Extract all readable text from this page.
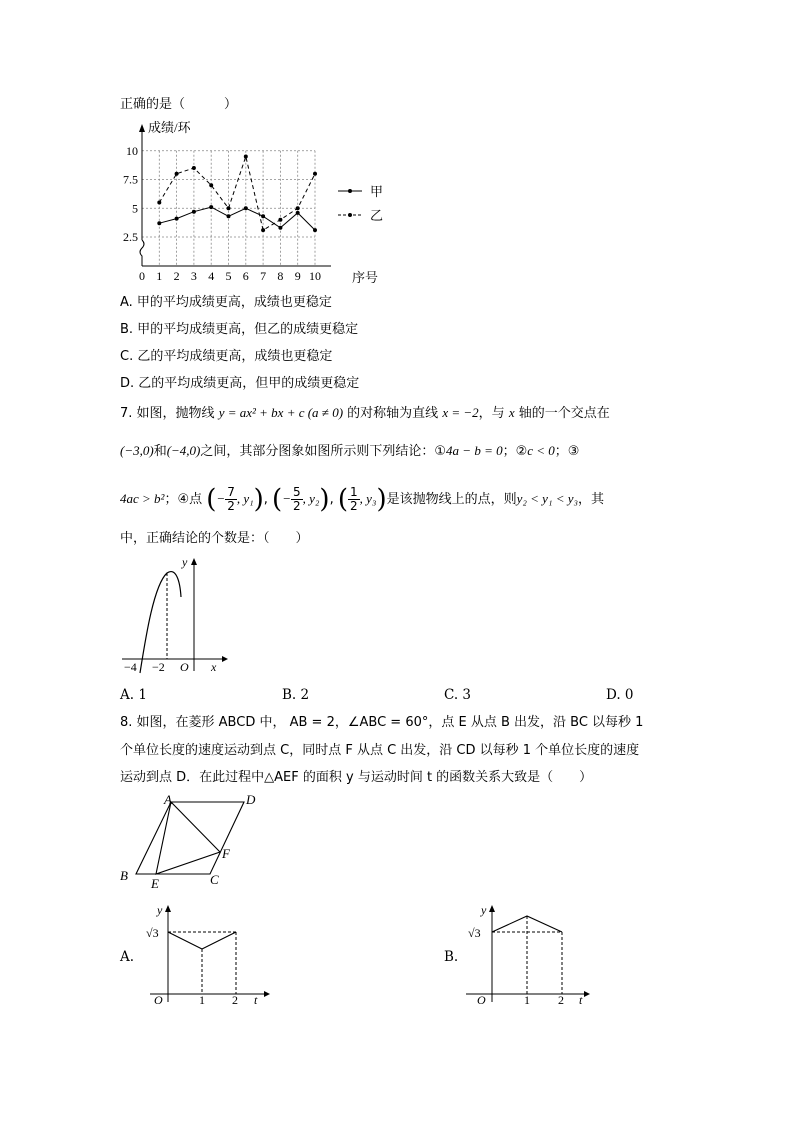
正确的是（　　　）
2.5
5
7.5
10
0 1 2 3 4 5 6 7 8 9 10
成绩/环
序号
甲
乙
A. 甲的平均成绩更高，成绩也更稳定
B. 甲的平均成绩更高，但乙的成绩更稳定
C. 乙的平均成绩更高，成绩也更稳定
D. 乙的平均成绩更高，但甲的成绩更稳定
7. 如图，抛物线 y = ax² + bx + c (a ≠ 0) 的对称轴为直线 x = −2，与 x 轴的一个交点在
(−3,0)和(−4,0)之间，其部分图象如图所示则下列结论：①4a − b = 0；②c < 0；③
4ac > b²；④点 (− $\frac{7}{2}$ , y₁), (− $\frac{5}{2}$ , y₂), ( $\frac{1}{2}$ , y₃)是该抛物线上的点，则y₂ < y₁ < y₃，其
中，正确结论的个数是：（　　）
y
x
O
−4 −2
A. 1	B. 2	C. 3	D. 0
8. 如图，在菱形 ABCD 中， AB = 2，∠ABC = 60°，点 E 从点 B 出发，沿 BC 以每秒 1
个单位长度的速度运动到点 C，同时点 F 从点 C 出发，沿 CD 以每秒 1 个单位长度的速度
运动到点 D．在此过程中△AEF 的面积 y 与运动时间 t 的函数关系大致是（　　）
A	D
B
E	C
F
A.
√3
y
t
O	1 2
B.
√3
y
t
O	1 2
